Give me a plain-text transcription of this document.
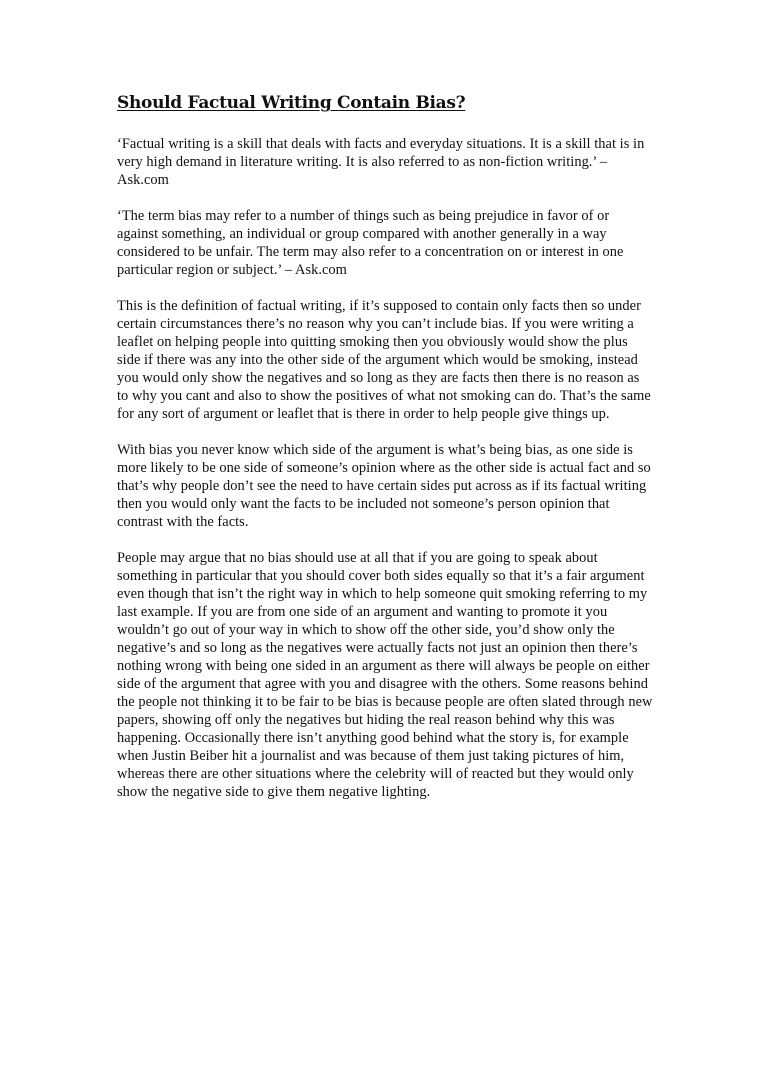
Should Factual Writing Contain Bias?

‘Factual writing is a skill that deals with facts and everyday situations. It is a skill that is in very high demand in literature writing. It is also referred to as non-fiction writing.’ – Ask.com

‘The term bias may refer to a number of things such as being prejudice in favor of or against something, an individual or group compared with another generally in a way considered to be unfair. The term may also refer to a concentration on or interest in one particular region or subject.’ – Ask.com

This is the definition of factual writing, if it’s supposed to contain only facts then so under certain circumstances there’s no reason why you can’t include bias. If you were writing a leaflet on helping people into quitting smoking then you obviously would show the plus side if there was any into the other side of the argument which would be smoking, instead you would only show the negatives and so long as they are facts then there is no reason as to why you cant and also to show the positives of what not smoking can do. That’s the same for any sort of argument or leaflet that is there in order to help people give things up.

With bias you never know which side of the argument is what’s being bias, as one side is more likely to be one side of someone’s opinion where as the other side is actual fact and so that’s why people don’t see the need to have certain sides put across as if its factual writing then you would only want the facts to be included not someone’s person opinion that contrast with the facts.

People may argue that no bias should use at all that if you are going to speak about something in particular that you should cover both sides equally so that it’s a fair argument even though that isn’t the right way in which to help someone quit smoking referring to my last example. If you are from one side of an argument and wanting to promote it you wouldn’t go out of your way in which to show off the other side, you’d show only the negative’s and so long as the negatives were actually facts not just an opinion then there’s nothing wrong with being one sided in an argument as there will always be people on either side of the argument that agree with you and disagree with the others. Some reasons behind the people not thinking it to be fair to be bias is because people are often slated through new papers, showing off only the negatives but hiding the real reason behind why this was happening. Occasionally there isn’t anything good behind what the story is, for example when Justin Beiber hit a journalist and was because of them just taking pictures of him, whereas there are other situations where the celebrity will of reacted but they would only show the negative side to give them negative lighting.
